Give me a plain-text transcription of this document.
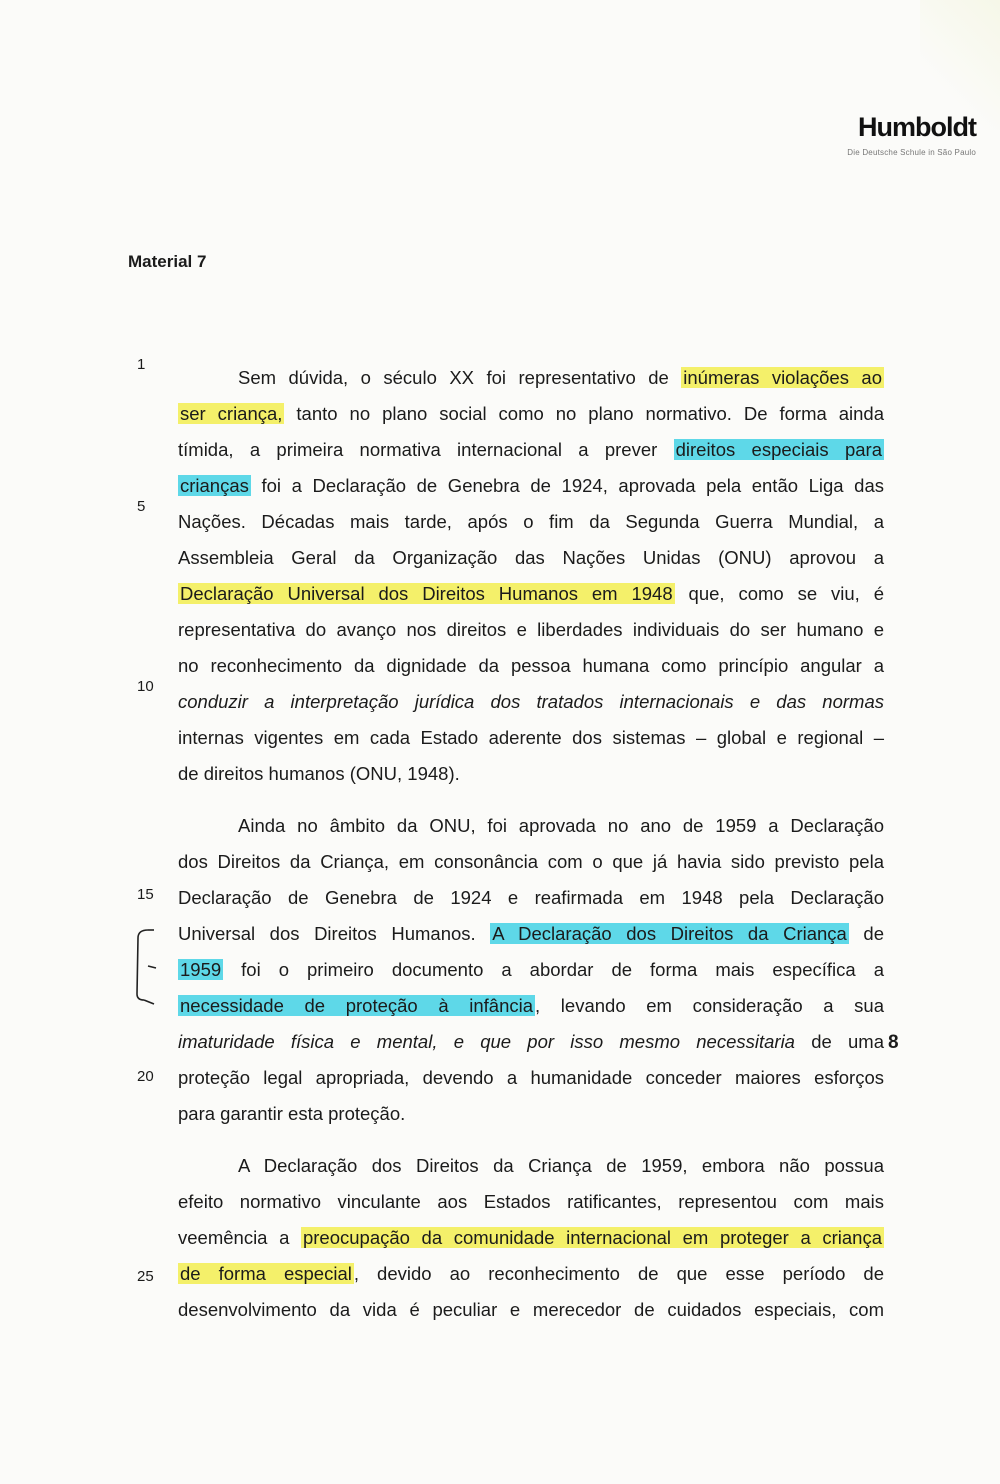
Humboldt
Die Deutsche Schule in São Paulo
Material 7
1
5
10
15
20
25
Sem dúvida, o século XX foi representativo de inúmeras violações ao
ser criança, tanto no plano social como no plano normativo. De forma ainda
tímida, a primeira normativa internacional a prever direitos especiais para
crianças foi a Declaração de Genebra de 1924, aprovada pela então Liga das
Nações. Décadas mais tarde, após o fim da Segunda Guerra Mundial, a
Assembleia Geral da Organização das Nações Unidas (ONU) aprovou a
Declaração Universal dos Direitos Humanos em 1948 que, como se viu, é
representativa do avanço nos direitos e liberdades individuais do ser humano e
no reconhecimento da dignidade da pessoa humana como princípio angular a
conduzir a interpretação jurídica dos tratados internacionais e das normas
internas vigentes em cada Estado aderente dos sistemas – global e regional –
de direitos humanos (ONU, 1948).
Ainda no âmbito da ONU, foi aprovada no ano de 1959 a Declaração
dos Direitos da Criança, em consonância com o que já havia sido previsto pela
Declaração de Genebra de 1924 e reafirmada em 1948 pela Declaração
Universal dos Direitos Humanos. A Declaração dos Direitos da Criança de
1959 foi o primeiro documento a abordar de forma mais específica a
necessidade de proteção à infância , levando em consideração a sua
imaturidade física e mental, e que por isso mesmo necessitaria de uma
proteção legal apropriada, devendo a humanidade conceder maiores esforços
para garantir esta proteção.
A Declaração dos Direitos da Criança de 1959, embora não possua
efeito normativo vinculante aos Estados ratificantes, representou com mais
veemência a preocupação da comunidade internacional em proteger a criança
de forma especial , devido ao reconhecimento de que esse período de
desenvolvimento da vida é peculiar e merecedor de cuidados especiais, com
8
